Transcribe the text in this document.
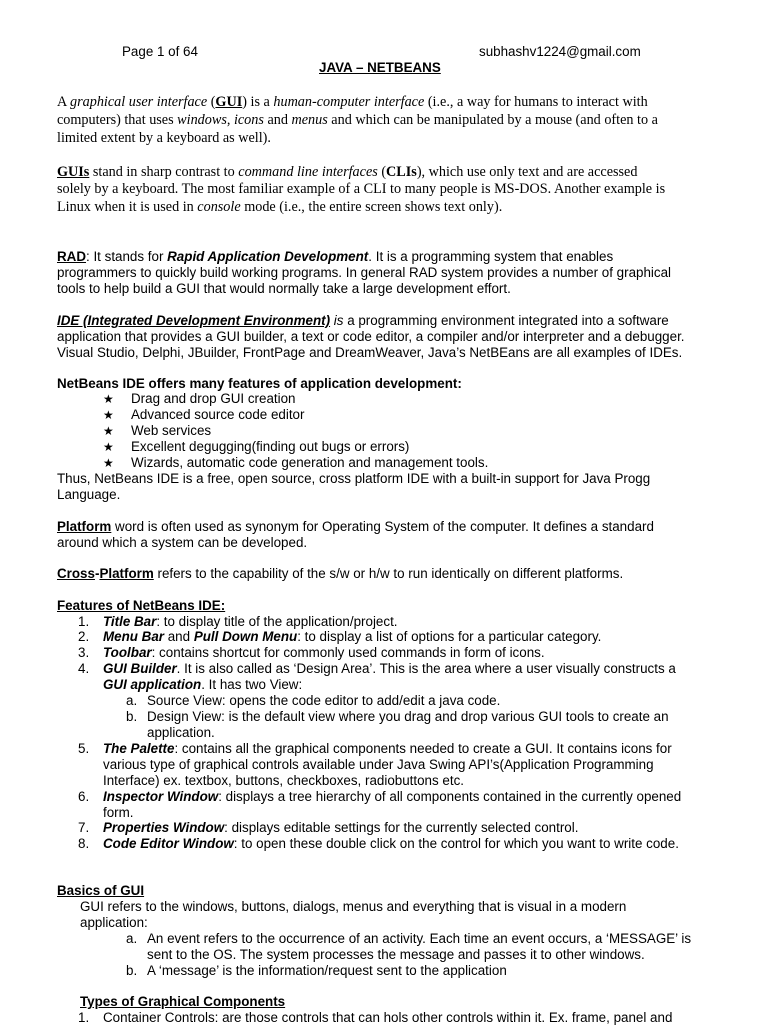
Page 1 of 64	subhashv1224@gmail.com
JAVA – NETBEANS
A graphical user interface (GUI) is a human-computer interface (i.e., a way for humans to interact with
computers) that uses windows, icons and menus and which can be manipulated by a mouse (and often to a
limited extent by a keyboard as well).
GUIs stand in sharp contrast to command line interfaces (CLIs), which use only text and are accessed
solely by a keyboard. The most familiar example of a CLI to many people is MS-DOS. Another example is
Linux when it is used in console mode (i.e., the entire screen shows text only).
RAD: It stands for Rapid Application Development. It is a programming system that enables
programmers to quickly build working programs. In general RAD system provides a number of graphical
tools to help build a GUI that would normally take a large development effort.
IDE (Integrated Development Environment) is a programming environment integrated into a software
application that provides a GUI builder, a text or code editor, a compiler and/or interpreter and a debugger.
Visual Studio, Delphi, JBuilder, FrontPage and DreamWeaver, Java’s NetBEans are all examples of IDEs.
NetBeans IDE offers many features of application development:
★ Drag and drop GUI creation
★ Advanced source code editor
★ Web services
★ Excellent degugging(finding out bugs or errors)
★ Wizards, automatic code generation and management tools.
Thus, NetBeans IDE is a free, open source, cross platform IDE with a built-in support for Java Progg
Language.
Platform word is often used as synonym for Operating System of the computer. It defines a standard
around which a system can be developed.
Cross-Platform refers to the capability of the s/w or h/w to run identically on different platforms.
Features of NetBeans IDE:
1. Title Bar: to display title of the application/project.
2. Menu Bar and Pull Down Menu: to display a list of options for a particular category.
3. Toolbar: contains shortcut for commonly used commands in form of icons.
4. GUI Builder. It is also called as ‘Design Area’. This is the area where a user visually constructs a
GUI application. It has two View:
a. Source View: opens the code editor to add/edit a java code.
b. Design View: is the default view where you drag and drop various GUI tools to create an
application.
5. The Palette: contains all the graphical components needed to create a GUI. It contains icons for
various type of graphical controls available under Java Swing API’s(Application Programming
Interface) ex. textbox, buttons, checkboxes, radiobuttons etc.
6. Inspector Window: displays a tree hierarchy of all components contained in the currently opened
form.
7. Properties Window: displays editable settings for the currently selected control.
8. Code Editor Window: to open these double click on the control for which you want to write code.
Basics of GUI
GUI refers to the windows, buttons, dialogs, menus and everything that is visual in a modern
application:
a. An event refers to the occurrence of an activity. Each time an event occurs, a ‘MESSAGE’ is
sent to the OS. The system processes the message and passes it to other windows.
b. A ‘message’ is the information/request sent to the application
Types of Graphical Components
1. Container Controls: are those controls that can hols other controls within it. Ex. frame, panel and
